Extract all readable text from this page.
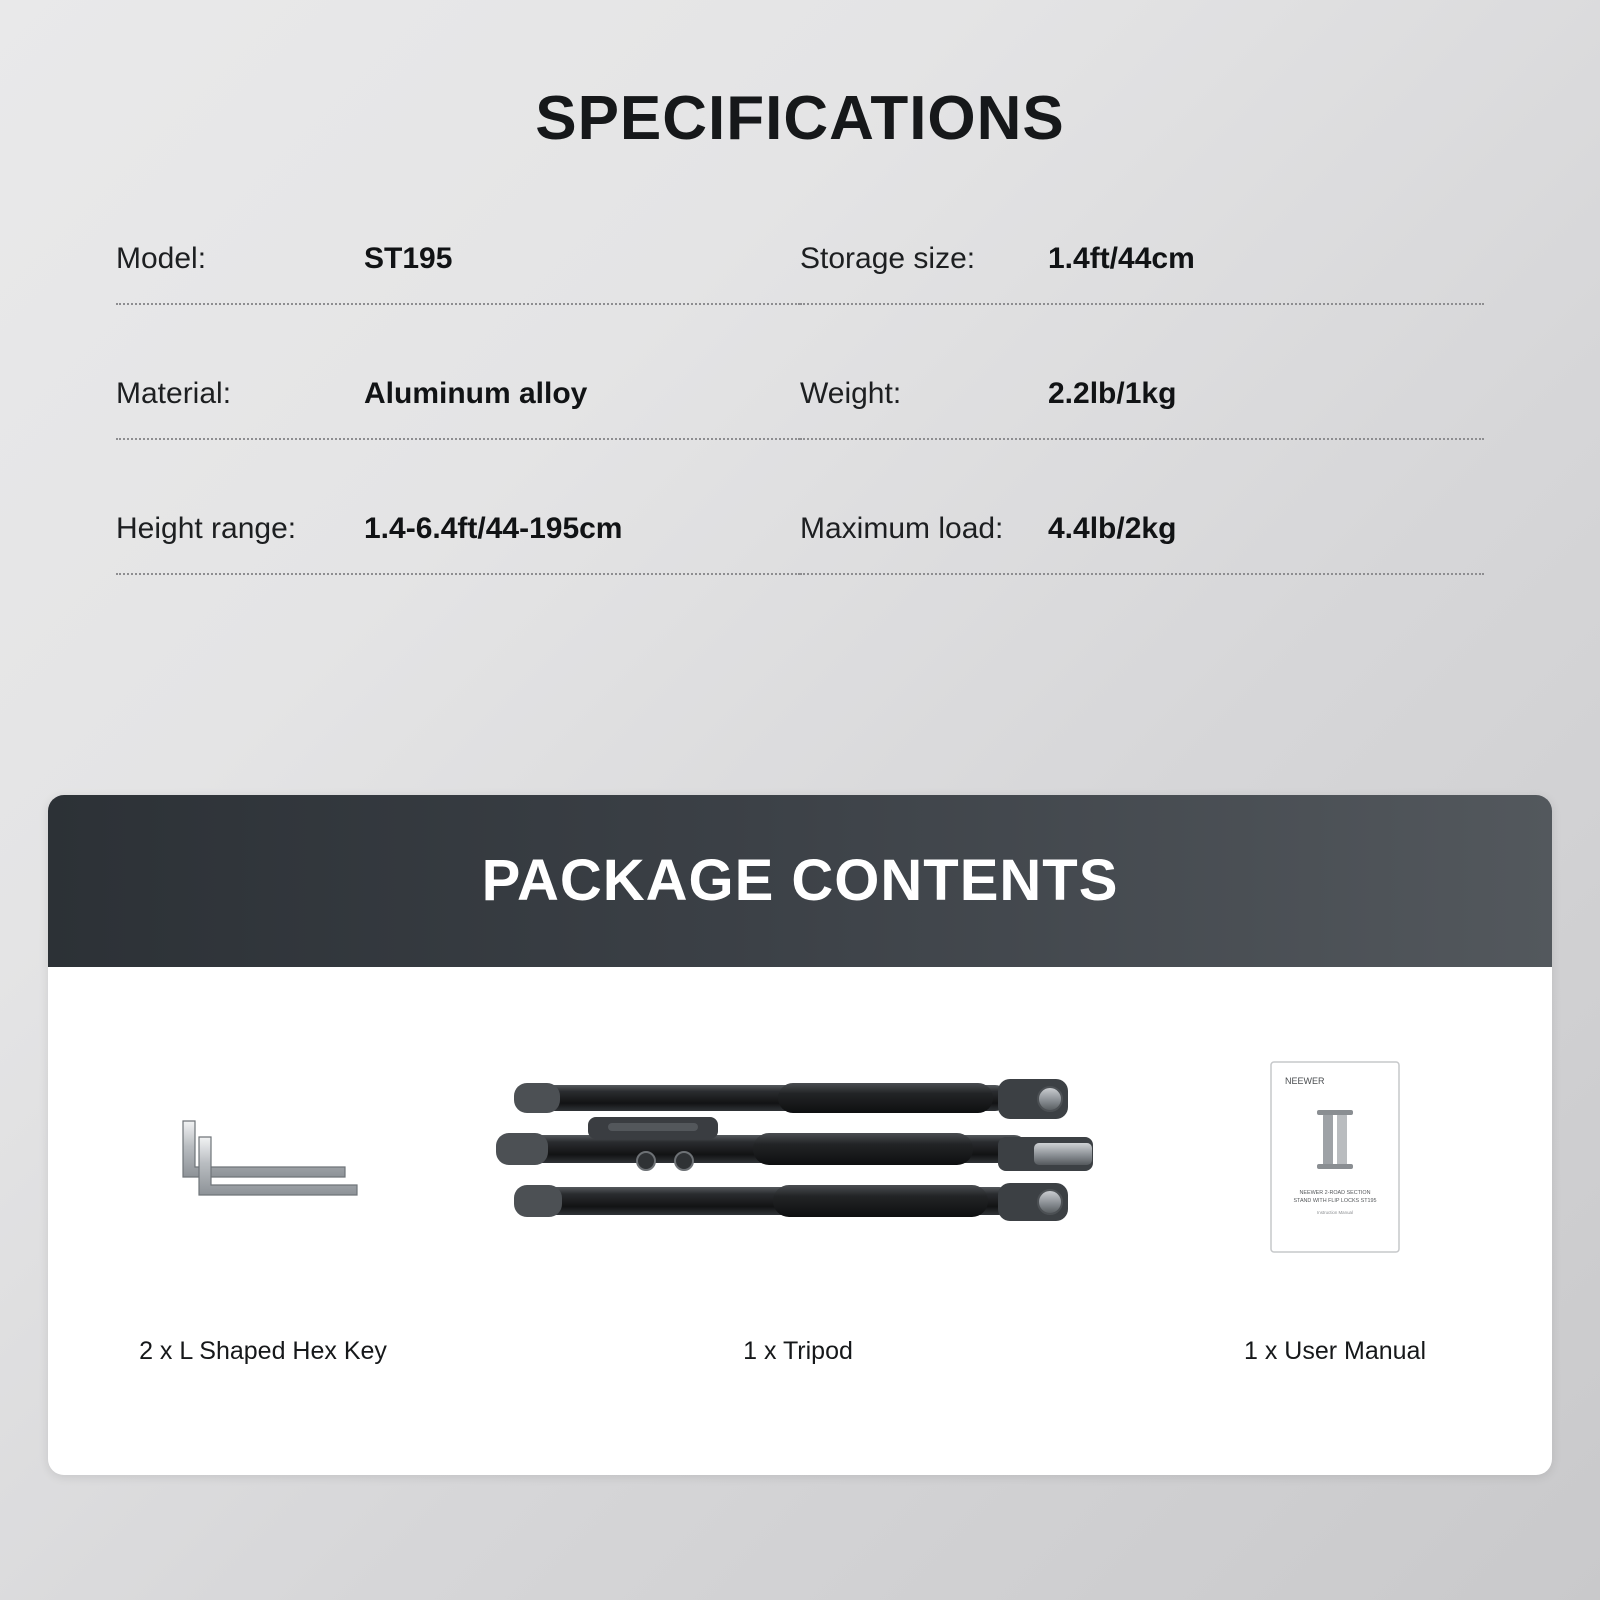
SPECIFICATIONS
Model:	ST195	Storage size:	1.4ft/44cm
Material:	Aluminum alloy	Weight:	2.2lb/1kg
Height range:	1.4-6.4ft/44-195cm	Maximum load:	4.4lb/2kg
PACKAGE CONTENTS
2 x L Shaped Hex Key	1 x Tripod
NEEWER
NEEWER 2-ROAD SECTION
STAND WITH FLIP LOCKS ST195
Instruction Manual
1 x User Manual
